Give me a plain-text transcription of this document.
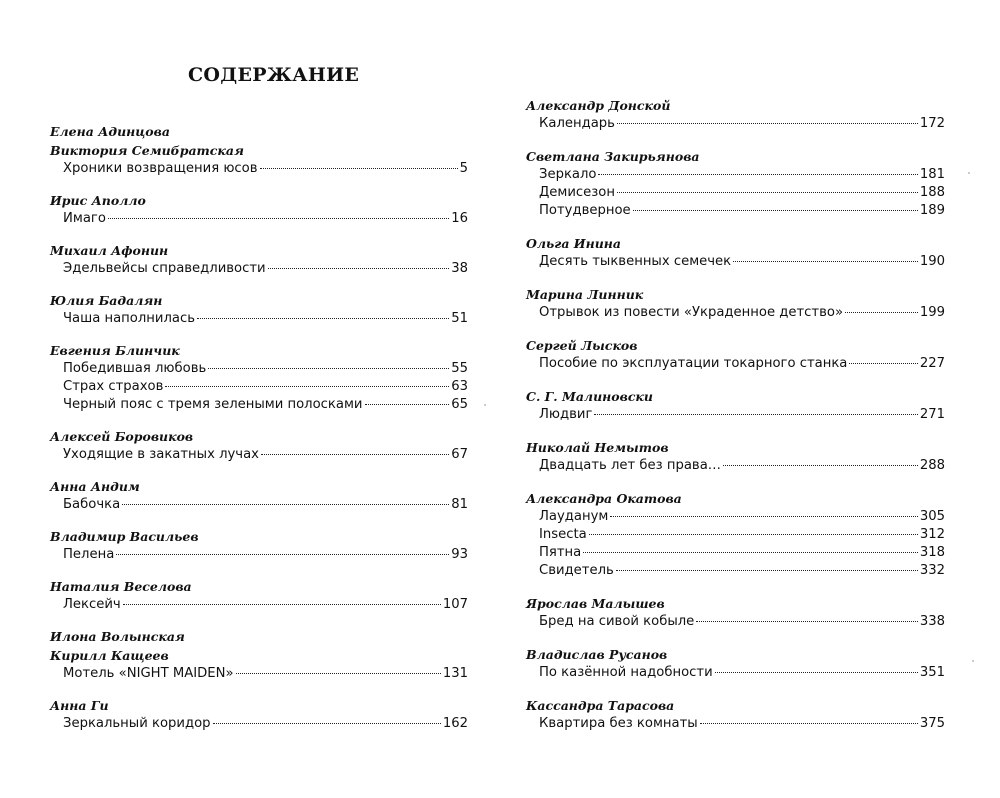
СОДЕРЖАНИЕ
Елена Адинцова
Виктория Семибратская
Хроники возвращения юсов	5
Ирис Аполло
Имаго	16
Михаил Афонин
Эдельвейсы справедливости	38
Юлия Бадалян
Чаша наполнилась	51
Евгения Блинчик
Победившая любовь	55
Страх страхов	63
Черный пояс с тремя зелеными полосками	65
Алексей Боровиков
Уходящие в закатных лучах	67
Анна Андим
Бабочка	81
Владимир Васильев
Пелена	93
Наталия Веселова
Лексейч	107
Илона Волынская
Кирилл Кащеев
Мотель «NIGHT MAIDEN»	131
Анна Ги
Зеркальный коридор	162
Александр Донской
Календарь	172
Светлана Закирьянова
Зеркало	181
Демисезон	188
Потудверное	189
Ольга Инина
Десять тыквенных семечек	190
Марина Линник
Отрывок из повести «Украденное детство»	199
Сергей Лысков
Пособие по эксплуатации токарного станка	227
С. Г. Малиновски
Людвиг	271
Николай Немытов
Двадцать лет без права…	288
Александра Окатова
Лауданум	305
Insecta	312
Пятна	318
Свидетель	332
Ярослав Малышев
Бред на сивой кобыле	338
Владислав Русанов
По казённой надобности	351
Кассандра Тарасова
Квартира без комнаты	375
